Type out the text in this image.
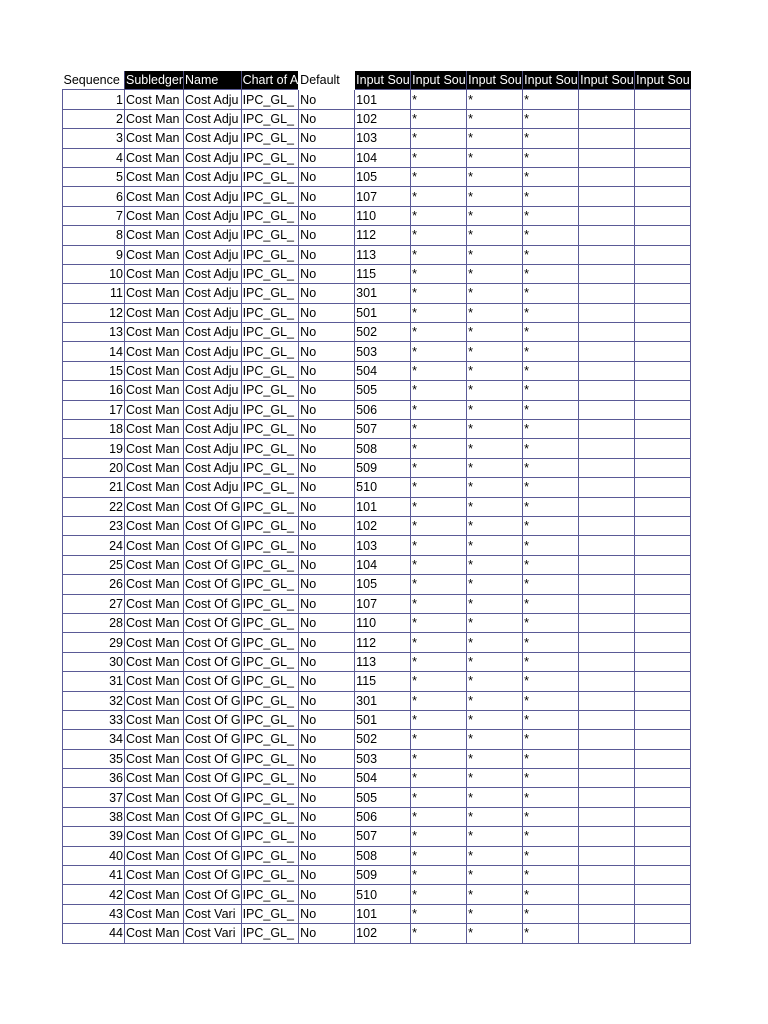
Sequence	Subledger	Name	Chart of A	Default	Input Sou	Input Sou	Input Sou	Input Sou	Input Sou	Input Sou
1	Cost Man	Cost Adju	IPC_GL_	No	101	*	*	*		
2	Cost Man	Cost Adju	IPC_GL_	No	102	*	*	*		
3	Cost Man	Cost Adju	IPC_GL_	No	103	*	*	*		
4	Cost Man	Cost Adju	IPC_GL_	No	104	*	*	*		
5	Cost Man	Cost Adju	IPC_GL_	No	105	*	*	*		
6	Cost Man	Cost Adju	IPC_GL_	No	107	*	*	*		
7	Cost Man	Cost Adju	IPC_GL_	No	110	*	*	*		
8	Cost Man	Cost Adju	IPC_GL_	No	112	*	*	*		
9	Cost Man	Cost Adju	IPC_GL_	No	113	*	*	*		
10	Cost Man	Cost Adju	IPC_GL_	No	115	*	*	*		
11	Cost Man	Cost Adju	IPC_GL_	No	301	*	*	*		
12	Cost Man	Cost Adju	IPC_GL_	No	501	*	*	*		
13	Cost Man	Cost Adju	IPC_GL_	No	502	*	*	*		
14	Cost Man	Cost Adju	IPC_GL_	No	503	*	*	*		
15	Cost Man	Cost Adju	IPC_GL_	No	504	*	*	*		
16	Cost Man	Cost Adju	IPC_GL_	No	505	*	*	*		
17	Cost Man	Cost Adju	IPC_GL_	No	506	*	*	*		
18	Cost Man	Cost Adju	IPC_GL_	No	507	*	*	*		
19	Cost Man	Cost Adju	IPC_GL_	No	508	*	*	*		
20	Cost Man	Cost Adju	IPC_GL_	No	509	*	*	*		
21	Cost Man	Cost Adju	IPC_GL_	No	510	*	*	*		
22	Cost Man	Cost Of G	IPC_GL_	No	101	*	*	*		
23	Cost Man	Cost Of G	IPC_GL_	No	102	*	*	*		
24	Cost Man	Cost Of G	IPC_GL_	No	103	*	*	*		
25	Cost Man	Cost Of G	IPC_GL_	No	104	*	*	*		
26	Cost Man	Cost Of G	IPC_GL_	No	105	*	*	*		
27	Cost Man	Cost Of G	IPC_GL_	No	107	*	*	*		
28	Cost Man	Cost Of G	IPC_GL_	No	110	*	*	*		
29	Cost Man	Cost Of G	IPC_GL_	No	112	*	*	*		
30	Cost Man	Cost Of G	IPC_GL_	No	113	*	*	*		
31	Cost Man	Cost Of G	IPC_GL_	No	115	*	*	*		
32	Cost Man	Cost Of G	IPC_GL_	No	301	*	*	*		
33	Cost Man	Cost Of G	IPC_GL_	No	501	*	*	*		
34	Cost Man	Cost Of G	IPC_GL_	No	502	*	*	*		
35	Cost Man	Cost Of G	IPC_GL_	No	503	*	*	*		
36	Cost Man	Cost Of G	IPC_GL_	No	504	*	*	*		
37	Cost Man	Cost Of G	IPC_GL_	No	505	*	*	*		
38	Cost Man	Cost Of G	IPC_GL_	No	506	*	*	*		
39	Cost Man	Cost Of G	IPC_GL_	No	507	*	*	*		
40	Cost Man	Cost Of G	IPC_GL_	No	508	*	*	*		
41	Cost Man	Cost Of G	IPC_GL_	No	509	*	*	*		
42	Cost Man	Cost Of G	IPC_GL_	No	510	*	*	*		
43	Cost Man	Cost Vari	IPC_GL_	No	101	*	*	*		
44	Cost Man	Cost Vari	IPC_GL_	No	102	*	*	*		
